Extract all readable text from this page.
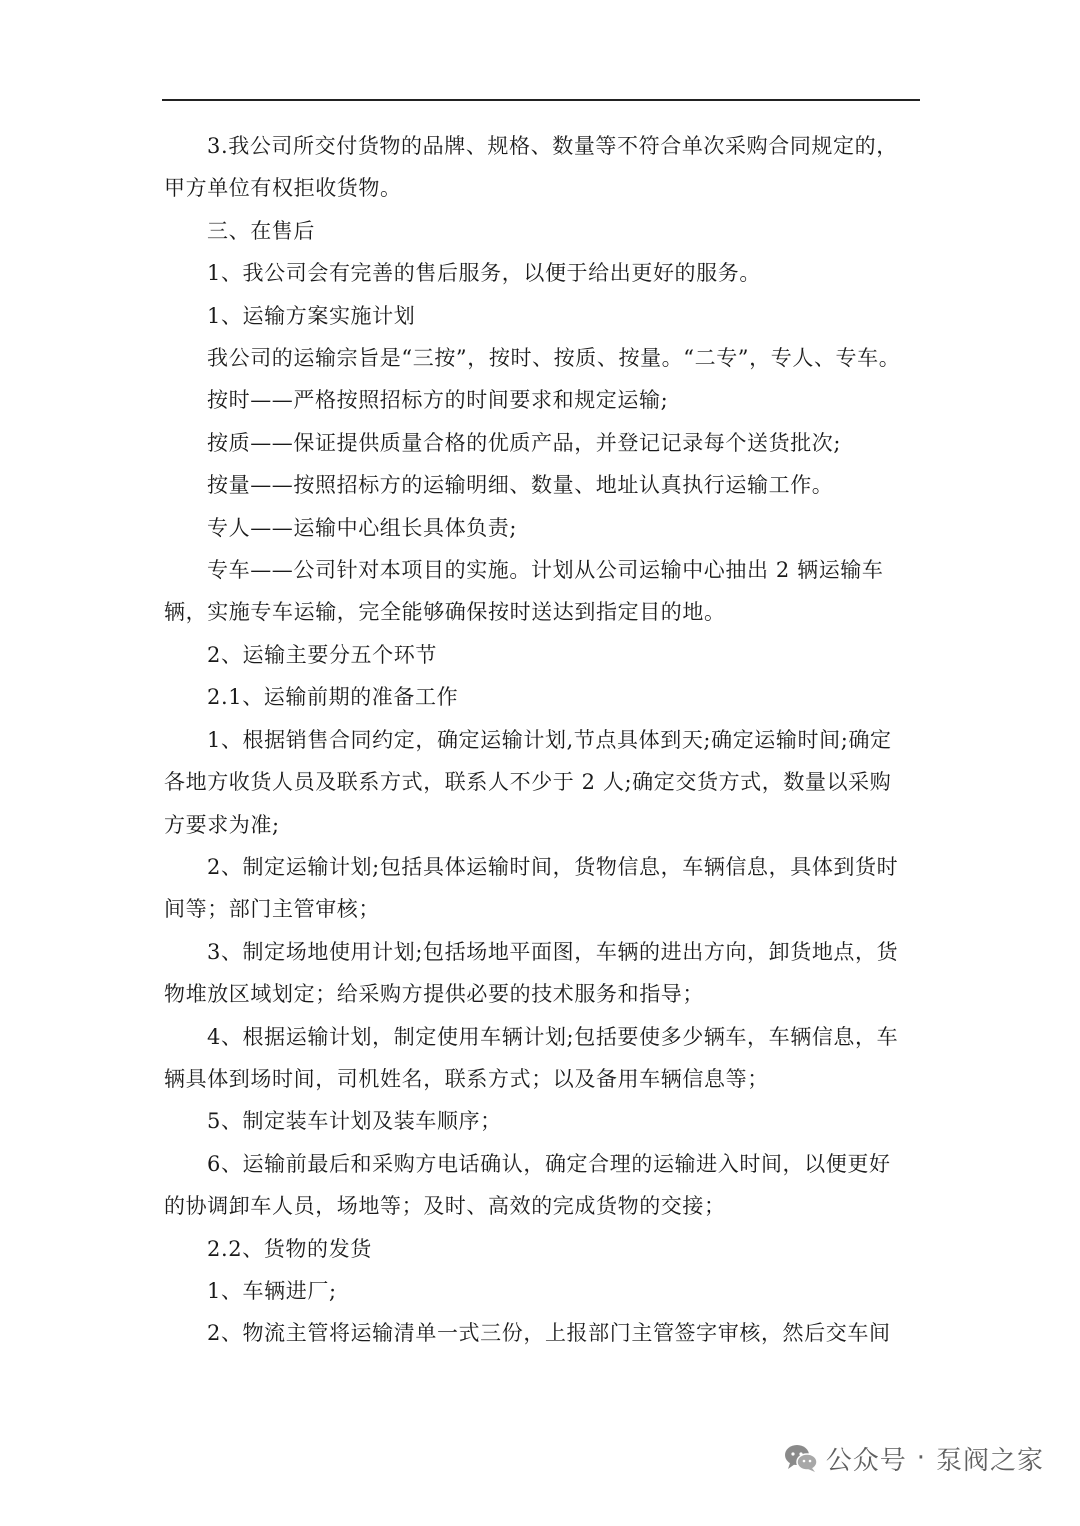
3.我公司所交付货物的品牌、规格、数量等不符合单次采购合同规定的，甲方单位有权拒收货物。

三、在售后

1、我公司会有完善的售后服务，以便于给出更好的服务。

1、运输方案实施计划

我公司的运输宗旨是“三按”，按时、按质、按量。“二专”，专人、专车。

按时——严格按照招标方的时间要求和规定运输;

按质——保证提供质量合格的优质产品，并登记记录每个送货批次;

按量——按照招标方的运输明细、数量、地址认真执行运输工作。

专人——运输中心组长具体负责;

专车——公司针对本项目的实施。计划从公司运输中心抽出 2 辆运输车辆，实施专车运输，完全能够确保按时送达到指定目的地。

2、运输主要分五个环节

2.1、运输前期的准备工作

1、根据销售合同约定，确定运输计划,节点具体到天;确定运输时间;确定各地方收货人员及联系方式，联系人不少于 2 人;确定交货方式，数量以采购方要求为准;

2、制定运输计划;包括具体运输时间，货物信息，车辆信息，具体到货时间等；部门主管审核；

3、制定场地使用计划;包括场地平面图，车辆的进出方向，卸货地点，货物堆放区域划定；给采购方提供必要的技术服务和指导；

4、根据运输计划，制定使用车辆计划;包括要使多少辆车，车辆信息，车辆具体到场时间，司机姓名，联系方式；以及备用车辆信息等；

5、制定装车计划及装车顺序；

6、运输前最后和采购方电话确认，确定合理的运输进入时间，以便更好的协调卸车人员，场地等；及时、高效的完成货物的交接；

2.2、货物的发货

1、车辆进厂;

2、物流主管将运输清单一式三份，上报部门主管签字审核，然后交车间

公众号 · 泵阀之家
